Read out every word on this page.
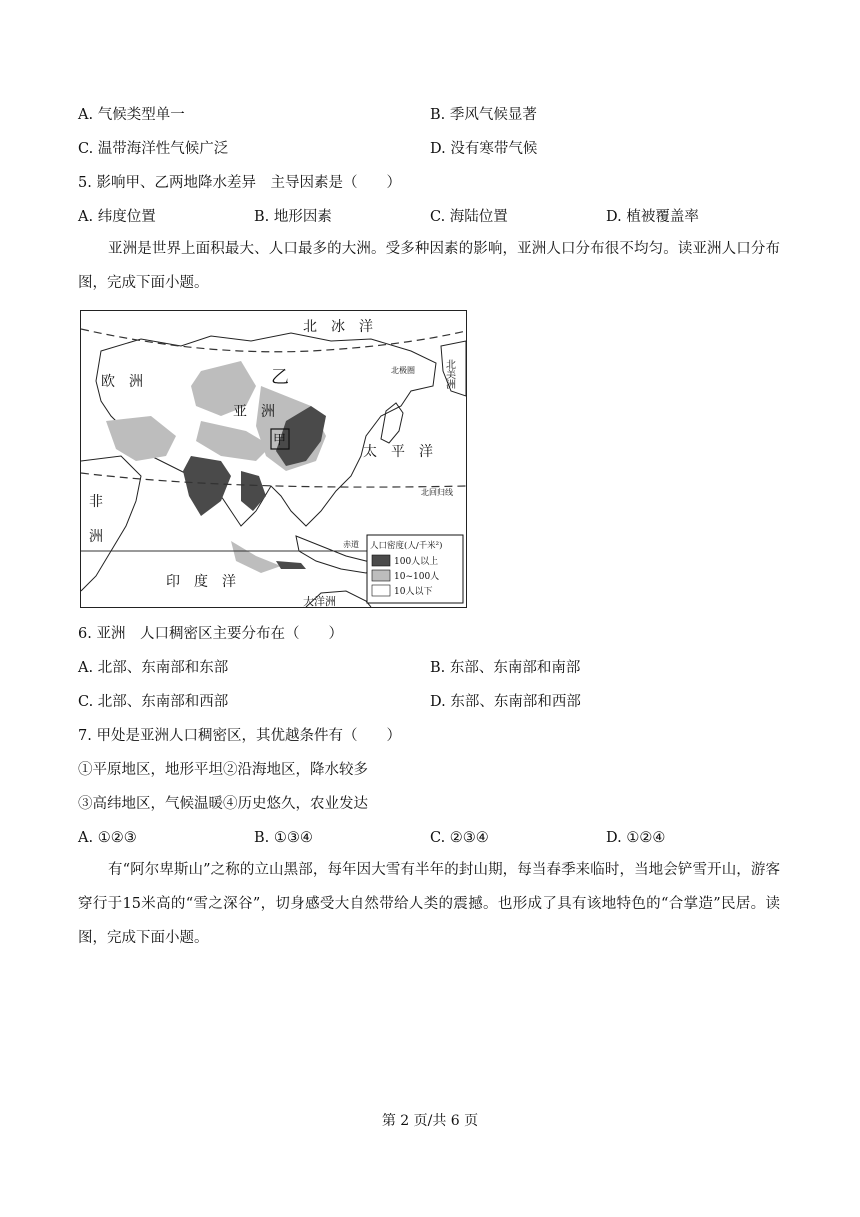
A. 气候类型单一	B. 季风气候显著
C. 温带海洋性气候广泛	D. 没有寒带气候
5. 影响甲、乙两地降水差异　主导因素是（　　）
A. 纬度位置	B. 地形因素	C. 海陆位置	D. 植被覆盖率
亚洲是世界上面积最大、人口最多的大洲。受多种因素的影响，亚洲人口分布很不均匀。读亚洲人口分布图，完成下面小题。
北　冰　洋
欧　洲	乙
亚　洲
甲
太　平　洋
非
洲
印　度　洋
北美洲
大洋洲
北极圈
北回归线
赤道 人口密度(人/千米²)
100人以上
10~100人
10人以下
6. 亚洲　人口稠密区主要分布在（　　）
A. 北部、东南部和东部	B. 东部、东南部和南部
C. 北部、东南部和西部	D. 东部、东南部和西部
7. 甲处是亚洲人口稠密区，其优越条件有（　　）
①平原地区，地形平坦②沿海地区，降水较多
③高纬地区，气候温暖④历史悠久，农业发达
A. ①②③	B. ①③④	C. ②③④	D. ①②④
有“阿尔卑斯山”之称的立山黑部，每年因大雪有半年的封山期，每当春季来临时，当地会铲雪开山，游客穿行于15米高的“雪之深谷”，切身感受大自然带给人类的震撼。也形成了具有该地特色的“合掌造”民居。读图，完成下面小题。
第 2 页/共 6 页
